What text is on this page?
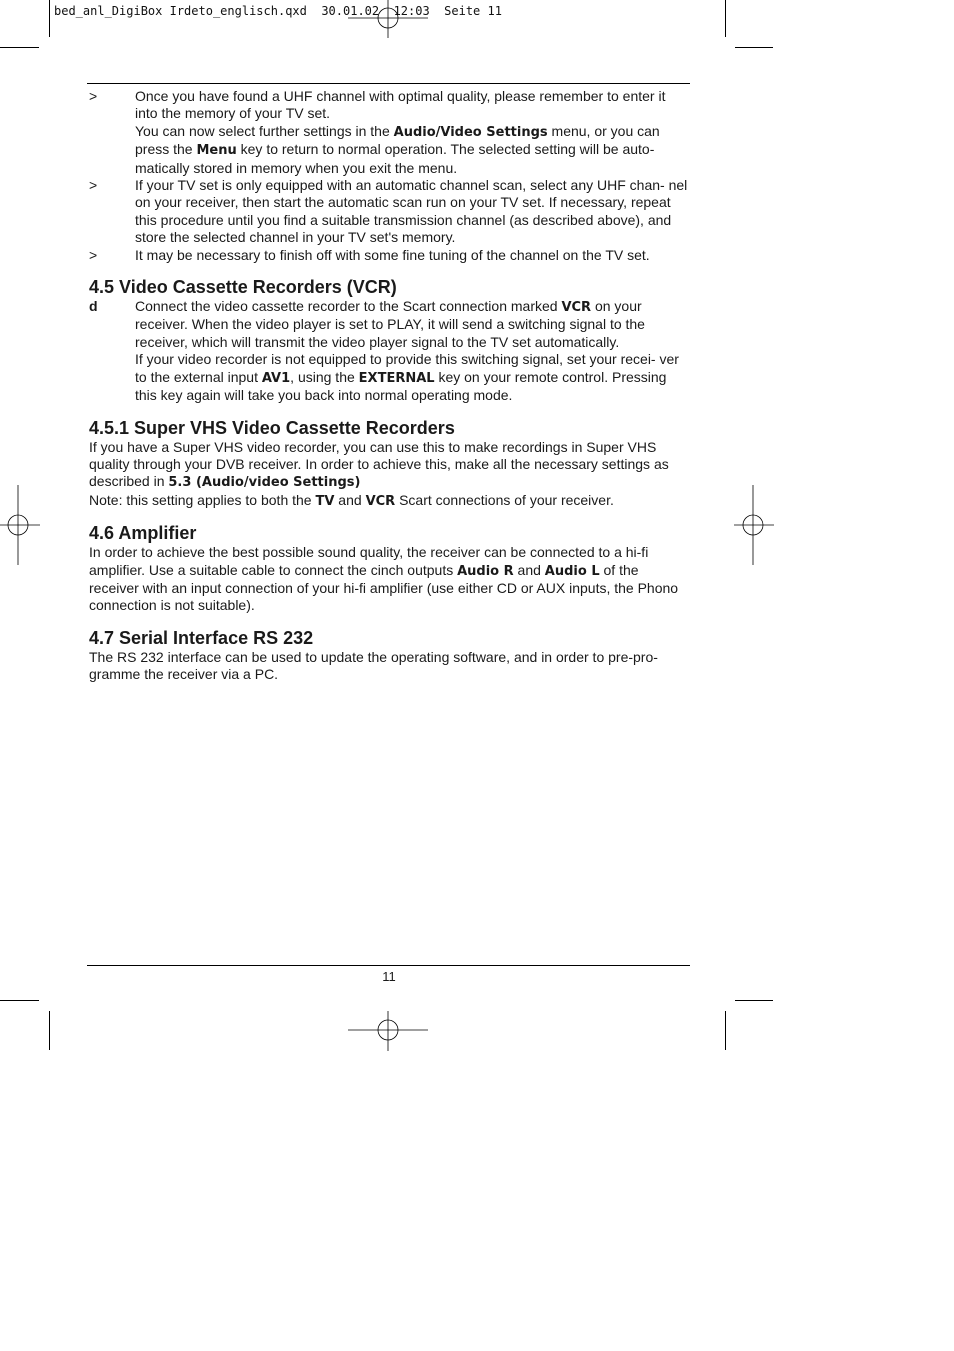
bed_anl_DigiBox Irdeto_englisch.qxd 30.01.02 12:03 Seite 11
>	Once you have found a UHF channel with optimal quality, please remember to enter it into the memory of your TV set.

You can now select further settings in the Audio/Video Settings menu, or you can press the Menu key to return to normal operation. The selected setting will be auto- matically stored in memory when you exit the menu.

>	If your TV set is only equipped with an automatic channel scan, select any UHF chan- nel on your receiver, then start the automatic scan run on your TV set. If necessary, repeat this procedure until you find a suitable transmission channel (as described above), and store the selected channel in your TV set's memory.

>	It may be necessary to finish off with some fine tuning of the channel on the TV set.

4.5 Video Cassette Recorders (VCR)
d	Connect the video cassette recorder to the Scart connection marked VCR on your receiver. When the video player is set to PLAY, it will send a switching signal to the receiver, which will transmit the video player signal to the TV set automatically.

If your video recorder is not equipped to provide this switching signal, set your recei- ver to the external input AV1, using the EXTERNAL key on your remote control. Pressing this key again will take you back into normal operating mode.

4.5.1 Super VHS Video Cassette Recorders

If you have a Super VHS video recorder, you can use this to make recordings in Super VHS quality through your DVB receiver. In order to achieve this, make all the necessary settings as described in 5.3 (Audio/video Settings)

Note: this setting applies to both the TV and VCR Scart connections of your receiver.

4.6 Amplifier

In order to achieve the best possible sound quality, the receiver can be connected to a hi-fi amplifier. Use a suitable cable to connect the cinch outputs Audio R and Audio L of the receiver with an input connection of your hi-fi amplifier (use either CD or AUX inputs, the Phono connection is not suitable).

4.7 Serial Interface RS 232

The RS 232 interface can be used to update the operating software, and in order to pre-pro- gramme the receiver via a PC.

11
